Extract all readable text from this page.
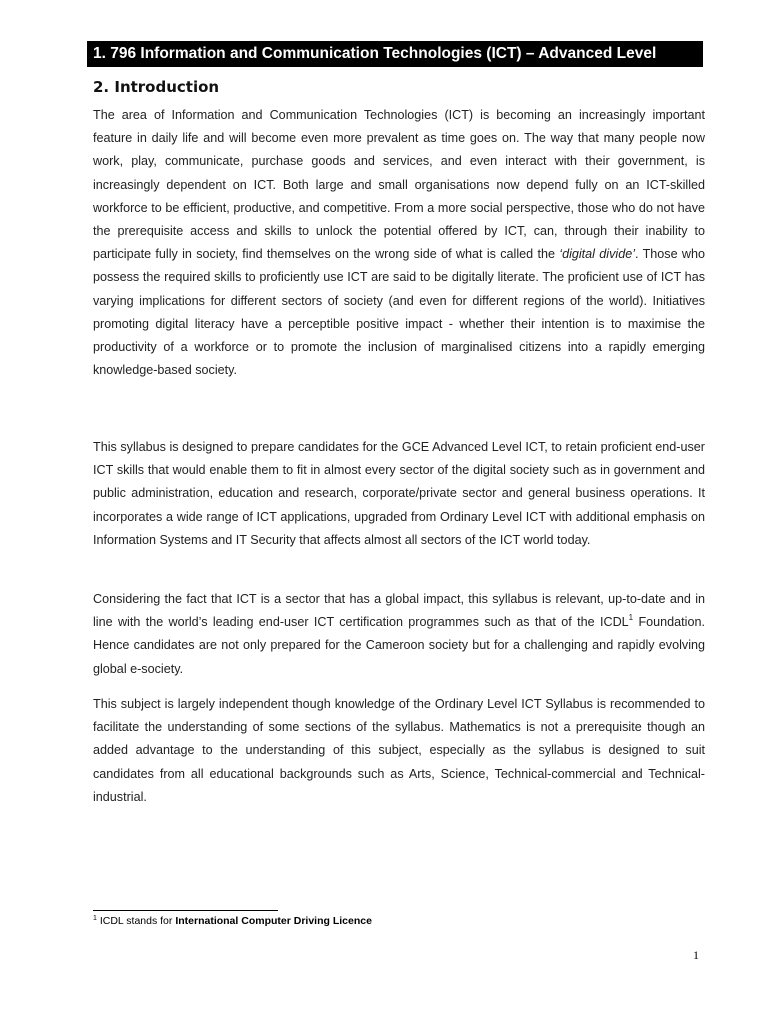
1. 796 Information and Communication Technologies (ICT) – Advanced Level
2. Introduction

The area of Information and Communication Technologies (ICT) is becoming an increasingly important feature in daily life and will become even more prevalent as time goes on. The way that many people now work, play, communicate, purchase goods and services, and even interact with their government, is increasingly dependent on ICT. Both large and small organisations now depend fully on an ICT-skilled workforce to be efficient, productive, and competitive. From a more social perspective, those who do not have the prerequisite access and skills to unlock the potential offered by ICT, can, through their inability to participate fully in society, find themselves on the wrong side of what is called the ‘digital divide’. Those who possess the required skills to proficiently use ICT are said to be digitally literate. The proficient use of ICT has varying implications for different sectors of society (and even for different regions of the world). Initiatives promoting digital literacy have a perceptible positive impact - whether their intention is to maximise the productivity of a workforce or to promote the inclusion of marginalised citizens into a rapidly emerging knowledge-based society.

This syllabus is designed to prepare candidates for the GCE Advanced Level ICT, to retain proficient end-user ICT skills that would enable them to fit in almost every sector of the digital society such as in government and public administration, education and research, corporate/private sector and general business operations. It incorporates a wide range of ICT applications, upgraded from Ordinary Level ICT with additional emphasis on Information Systems and IT Security that affects almost all sectors of the ICT world today.

Considering the fact that ICT is a sector that has a global impact, this syllabus is relevant, up-to-date and in line with the world’s leading end-user ICT certification programmes such as that of the ICDL$^1$ Foundation. Hence candidates are not only prepared for the Cameroon society but for a challenging and rapidly evolving global e-society.

This subject is largely independent though knowledge of the Ordinary Level ICT Syllabus is recommended to facilitate the understanding of some sections of the syllabus. Mathematics is not a prerequisite though an added advantage to the understanding of this subject, especially as the syllabus is designed to suit candidates from all educational backgrounds such as Arts, Science, Technical-commercial and Technical-industrial.

$^1$ ICDL stands for International Computer Driving Licence
1
